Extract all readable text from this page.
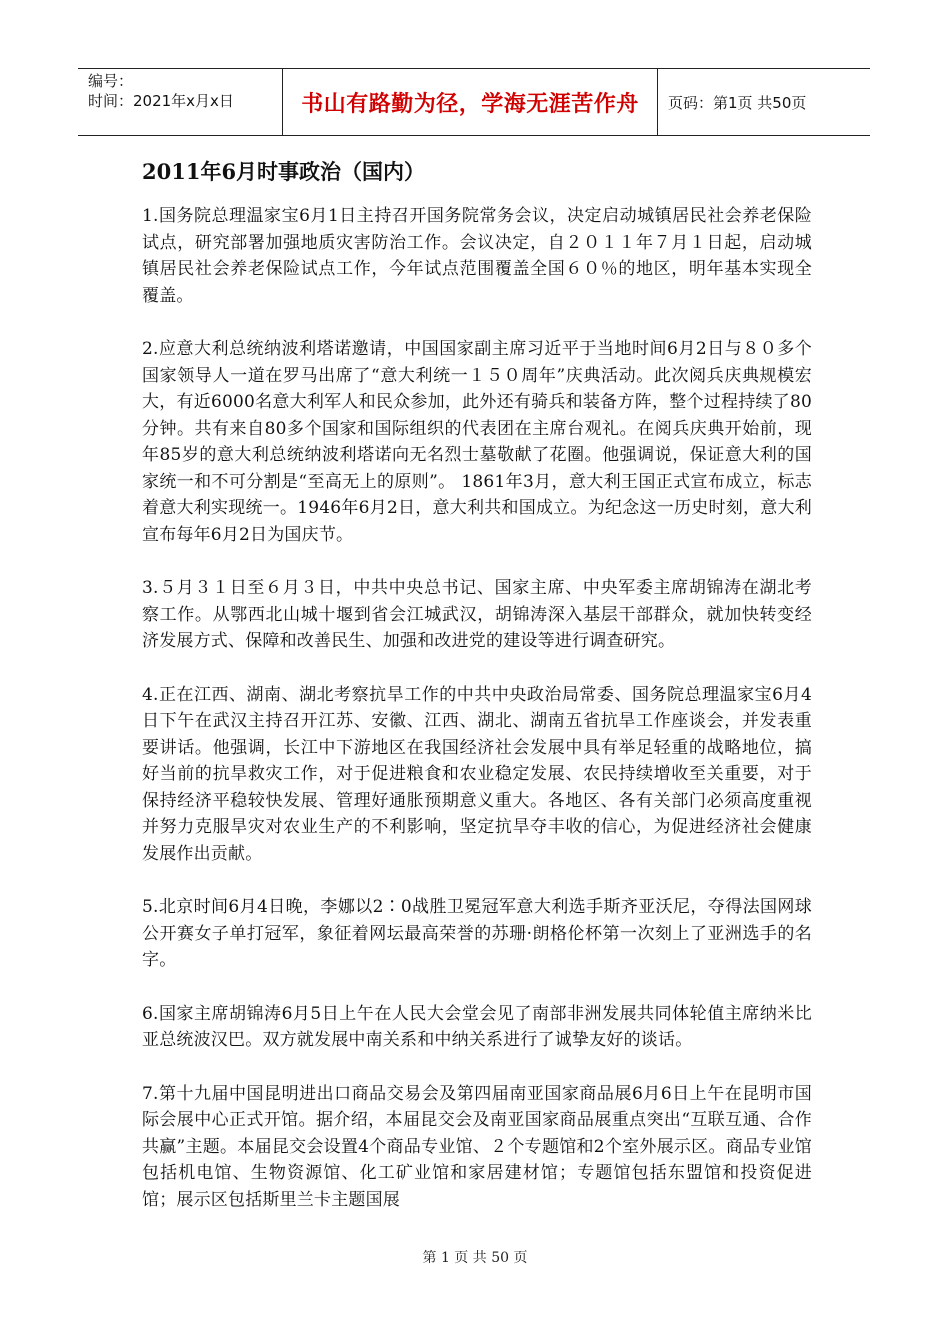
编号：
时间：2021年x月x日	书山有路勤为径，学海无涯苦作舟	页码：第1页 共50页
2011年6月时事政治（国内）

1.国务院总理温家宝6月1日主持召开国务院常务会议，决定启动城镇居民社会养老保险试点，研究部署加强地质灾害防治工作。会议决定，自２０１１年７月１日起，启动城镇居民社会养老保险试点工作，今年试点范围覆盖全国６０％的地区，明年基本实现全覆盖。

2.应意大利总统纳波利塔诺邀请，中国国家副主席习近平于当地时间6月2日与８０多个国家领导人一道在罗马出席了“意大利统一１５０周年”庆典活动。此次阅兵庆典规模宏大，有近6000名意大利军人和民众参加，此外还有骑兵和装备方阵，整个过程持续了80分钟。共有来自80多个国家和国际组织的代表团在主席台观礼。在阅兵庆典开始前，现年85岁的意大利总统纳波利塔诺向无名烈士墓敬献了花圈。他强调说，保证意大利的国家统一和不可分割是“至高无上的原则”。 1861年3月，意大利王国正式宣布成立，标志着意大利实现统一。1946年6月2日，意大利共和国成立。为纪念这一历史时刻，意大利宣布每年6月2日为国庆节。

3.５月３１日至６月３日，中共中央总书记、国家主席、中央军委主席胡锦涛在湖北考察工作。从鄂西北山城十堰到省会江城武汉，胡锦涛深入基层干部群众，就加快转变经济发展方式、保障和改善民生、加强和改进党的建设等进行调查研究。

4.正在江西、湖南、湖北考察抗旱工作的中共中央政治局常委、国务院总理温家宝6月4日下午在武汉主持召开江苏、安徽、江西、湖北、湖南五省抗旱工作座谈会，并发表重要讲话。他强调，长江中下游地区在我国经济社会发展中具有举足轻重的战略地位，搞好当前的抗旱救灾工作，对于促进粮食和农业稳定发展、农民持续增收至关重要，对于保持经济平稳较快发展、管理好通胀预期意义重大。各地区、各有关部门必须高度重视并努力克服旱灾对农业生产的不利影响，坚定抗旱夺丰收的信心，为促进经济社会健康发展作出贡献。

5.北京时间6月4日晚，李娜以2∶0战胜卫冕冠军意大利选手斯齐亚沃尼，夺得法国网球公开赛女子单打冠军，象征着网坛最高荣誉的苏珊·朗格伦杯第一次刻上了亚洲选手的名字。

6.国家主席胡锦涛6月5日上午在人民大会堂会见了南部非洲发展共同体轮值主席纳米比亚总统波汉巴。双方就发展中南关系和中纳关系进行了诚挚友好的谈话。

7.第十九届中国昆明进出口商品交易会及第四届南亚国家商品展6月6日上午在昆明市国际会展中心正式开馆。据介绍，本届昆交会及南亚国家商品展重点突出“互联互通、合作共赢”主题。本届昆交会设置4个商品专业馆、２个专题馆和2个室外展示区。商品专业馆包括机电馆、生物资源馆、化工矿业馆和家居建材馆；专题馆包括东盟馆和投资促进馆；展示区包括斯里兰卡主题国展

第 1 页 共 50 页
